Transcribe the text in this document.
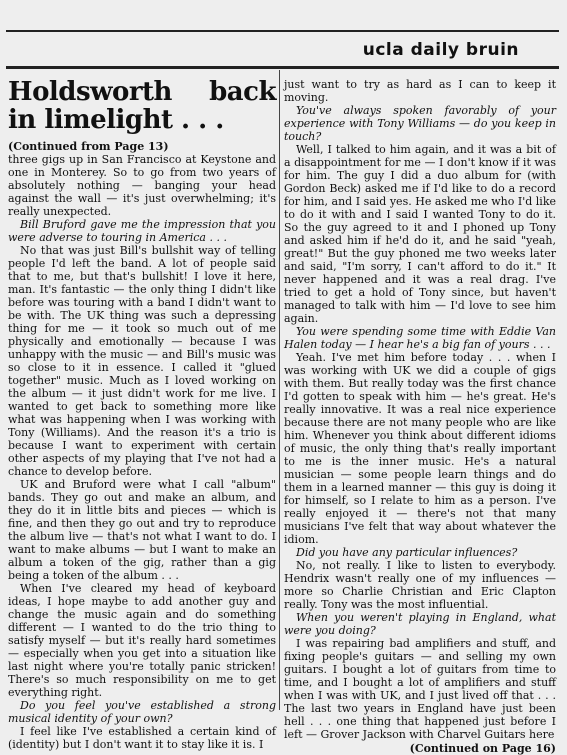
ucla daily bruin
Holdsworth back in limelight . . .
(Continued from Page 13)

three gigs up in San Francisco at Keystone and one in Monterey. So to go from two years of absolutely nothing — banging your head against the wall — it's just overwhelming; it's really unexpected.

Bill Bruford gave me the impression that you were adverse to touring in America . . .

No that was just Bill's bullshit way of telling people I'd left the band. A lot of people said that to me, but that's bullshit! I love it here, man. It's fantastic — the only thing I didn't like before was touring with a band I didn't want to be with. The UK thing was such a depressing thing for me — it took so much out of me physically and emotionally — because I was unhappy with the music — and Bill's music was so close to it in essence. I called it "glued together" music. Much as I loved working on the album — it just didn't work for me live. I wanted to get back to something more like what was happening when I was working with Tony (Williams). And the reason it's a trio is because I want to experiment with certain other aspects of my playing that I've not had a chance to develop before.

UK and Bruford were what I call "album" bands. They go out and make an album, and they do it in little bits and pieces — which is fine, and then they go out and try to reproduce the album live — that's not what I want to do. I want to make albums — but I want to make an album a token of the gig, rather than a gig being a token of the album . . .

When I've cleared my head of keyboard ideas, I hope maybe to add another guy and change the music again and do something different — I wanted to do the trio thing to satisfy myself — but it's really hard sometimes — especially when you get into a situation like last night where you're totally panic stricken! There's so much responsibility on me to get everything right.

Do you feel you've established a strong musical identity of your own?

I feel like I've established a certain kind of (identity) but I don't want it to stay like it is. I

just want to try as hard as I can to keep it moving.

You've always spoken favorably of your experience with Tony Williams — do you keep in touch?

Well, I talked to him again, and it was a bit of a disappointment for me — I don't know if it was for him. The guy I did a duo album for (with Gordon Beck) asked me if I'd like to do a record for him, and I said yes. He asked me who I'd like to do it with and I said I wanted Tony to do it. So the guy agreed to it and I phoned up Tony and asked him if he'd do it, and he said "yeah, great!" But the guy phoned me two weeks later and said, "I'm sorry, I can't afford to do it." It never happened and it was a real drag. I've tried to get a hold of Tony since, but haven't managed to talk with him — I'd love to see him again.

You were spending some time with Eddie Van Halen today — I hear he's a big fan of yours . . .

Yeah. I've met him before today . . . when I was working with UK we did a couple of gigs with them. But really today was the first chance I'd gotten to speak with him — he's great. He's really innovative. It was a real nice experience because there are not many people who are like him. Whenever you think about different idioms of music, the only thing that's really important to me is the inner music. He's a natural musician — some people learn things and do them in a learned manner — this guy is doing it for himself, so I relate to him as a person. I've really enjoyed it — there's not that many musicians I've felt that way about whatever the idiom.

Did you have any particular influences?

No, not really. I like to listen to everybody. Hendrix wasn't really one of my influences — more so Charlie Christian and Eric Clapton really. Tony was the most influential.

When you weren't playing in England, what were you doing?

I was repairing bad amplifiers and stuff, and fixing people's guitars — and selling my own guitars. I bought a lot of guitars from time to time, and I bought a lot of amplifiers and stuff when I was with UK, and I just lived off that . . . The last two years in England have just been hell . . . one thing that happened just before I left — Grover Jackson with Charvel Guitars here

(Continued on Page 16)
